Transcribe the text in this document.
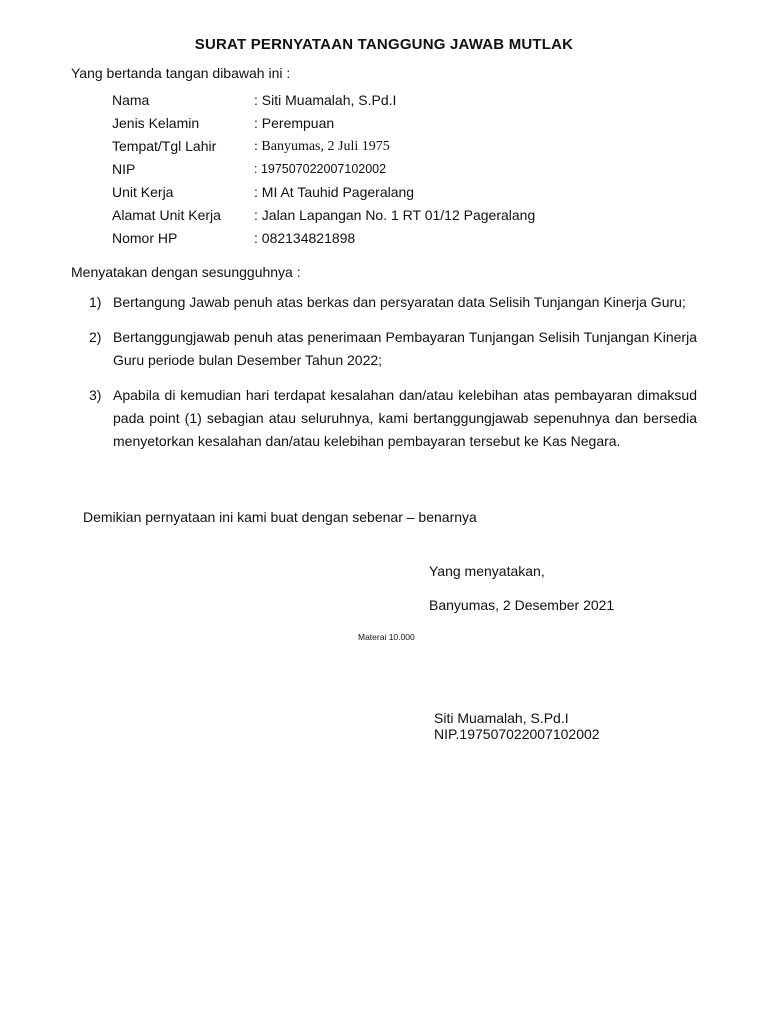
SURAT PERNYATAAN TANGGUNG JAWAB MUTLAK
Yang bertanda tangan dibawah ini :
Nama	: Siti Muamalah, S.Pd.I
Jenis Kelamin	: Perempuan
Tempat/Tgl Lahir	: Banyumas, 2 Juli 1975
NIP	: 197507022007102002
Unit Kerja	: MI At Tauhid Pageralang
Alamat Unit Kerja : Jalan Lapangan No. 1 RT 01/12 Pageralang
Nomor HP	: 082134821898
Menyatakan dengan sesungguhnya :
1) Bertangung Jawab penuh atas berkas dan persyaratan data Selisih Tunjangan Kinerja Guru;
2) Bertanggungjawab penuh atas penerimaan Pembayaran Tunjangan Selisih Tunjangan Kinerja Guru periode bulan Desember Tahun 2022;
3) Apabila di kemudian hari terdapat kesalahan dan/atau kelebihan atas pembayaran dimaksud pada point (1) sebagian atau seluruhnya, kami bertanggungjawab sepenuhnya dan bersedia menyetorkan kesalahan dan/atau kelebihan pembayaran tersebut ke Kas Negara.
Demikian pernyataan ini kami buat dengan sebenar – benarnya
Yang menyatakan,
Banyumas, 2 Desember 2021
Materai 10.000
Siti Muamalah, S.Pd.I
NIP.197507022007102002
